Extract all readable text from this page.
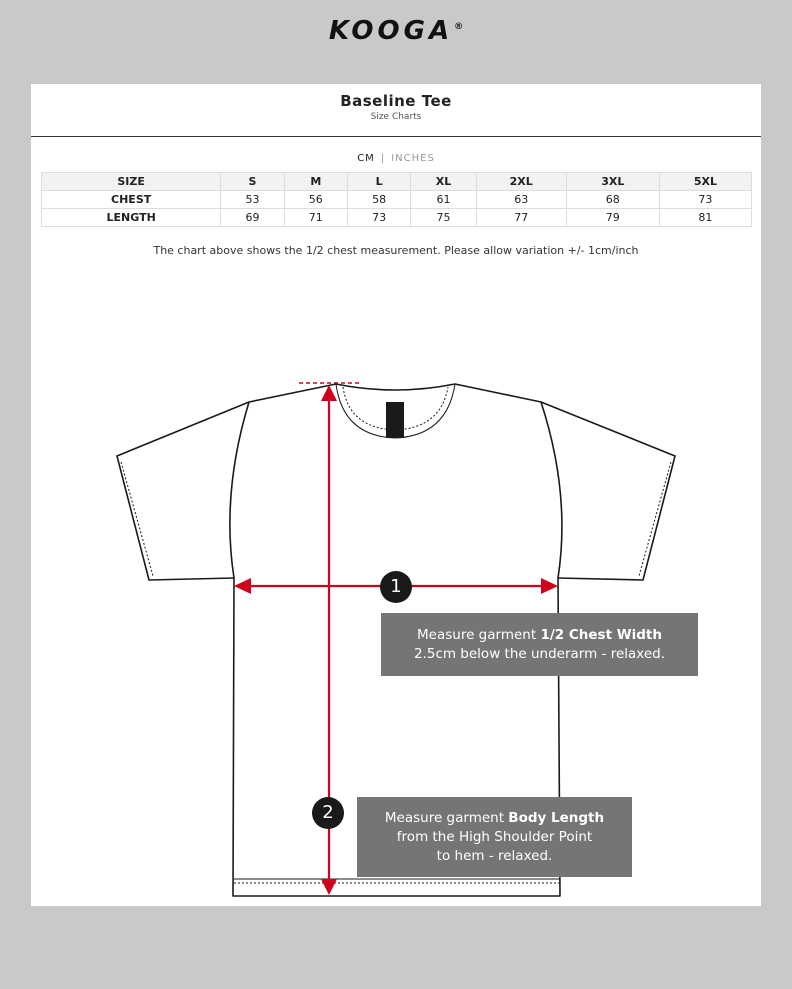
KOOGA®
Baseline Tee
Size Charts
CM | INCHES
SIZE	S	M	L	XL	2XL	3XL	5XL
CHEST	53	56	58	61	63	68	73
LENGTH	69	71	73	75	77	79	81
The chart above shows the 1/2 chest measurement. Please allow variation +/- 1cm/inch
1
2
Measure garment 1/2 Chest Width
2.5cm below the underarm - relaxed.
Measure garment Body Length
from the High Shoulder Point
to hem - relaxed.
